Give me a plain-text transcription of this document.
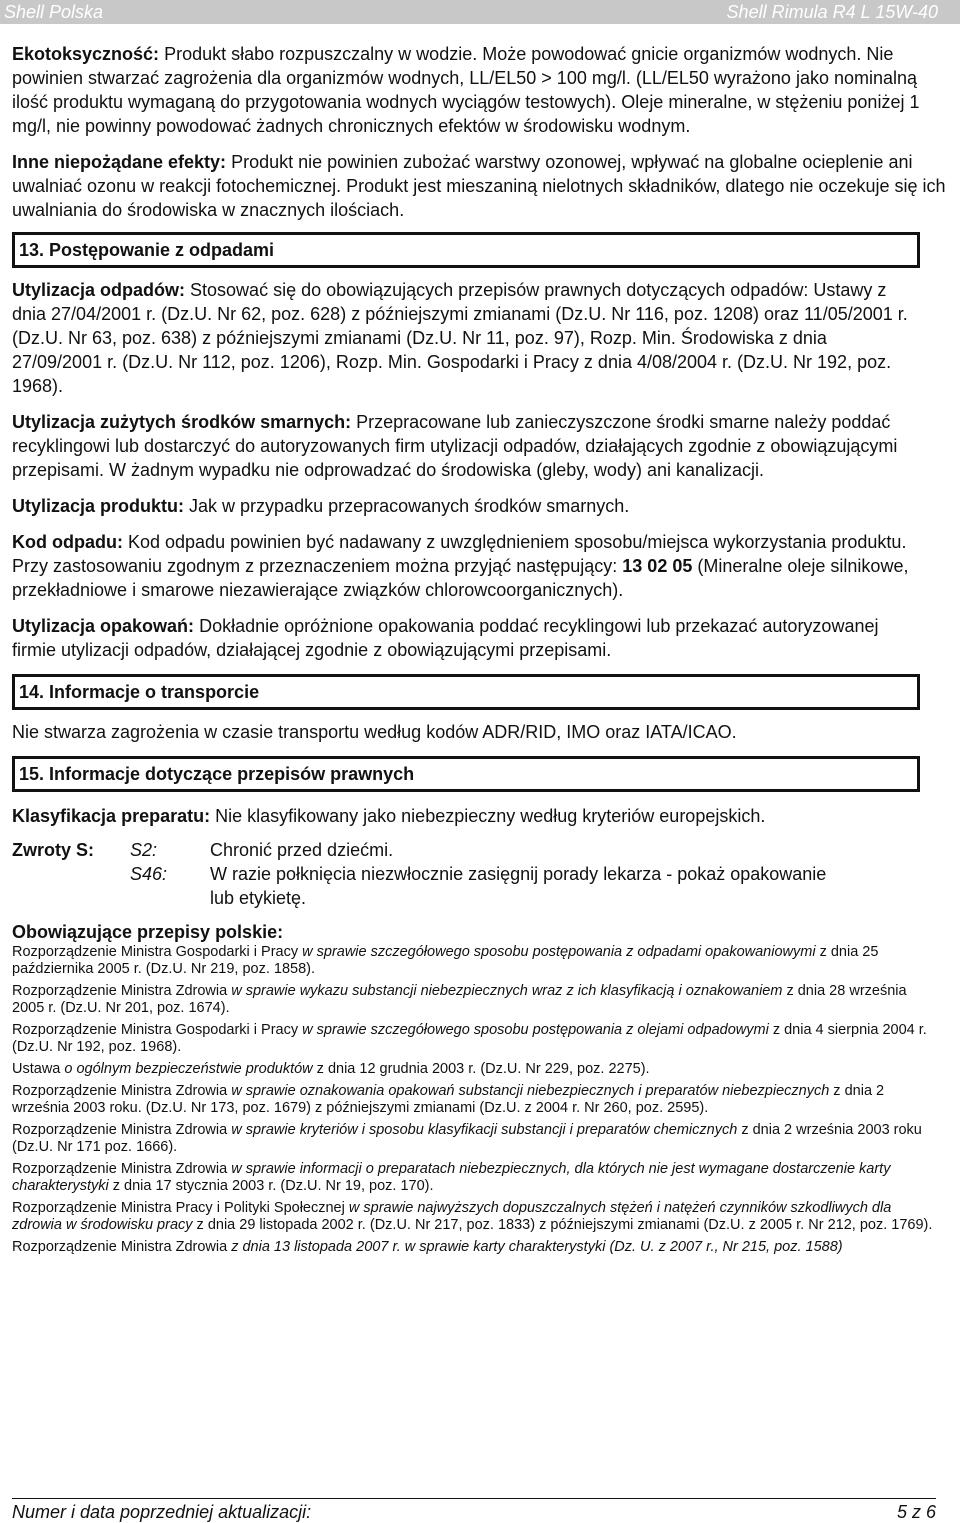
Shell Polska	Shell Rimula R4 L 15W-40

Ekotoksyczność: Produkt słabo rozpuszczalny w wodzie. Może powodować gnicie organizmów wodnych. Nie powinien stwarzać zagrożenia dla organizmów wodnych, LL/EL50 > 100 mg/l. (LL/EL50 wyrażono jako nominalną ilość produktu wymaganą do przygotowania wodnych wyciągów testowych). Oleje mineralne, w stężeniu poniżej 1 mg/l, nie powinny powodować żadnych chronicznych efektów w środowisku wodnym.

Inne niepożądane efekty: Produkt nie powinien zubożać warstwy ozonowej, wpływać na globalne ocieplenie ani uwalniać ozonu w reakcji fotochemicznej. Produkt jest mieszaniną nielotnych składników, dlatego nie oczekuje się ich uwalniania do środowiska w znacznych ilościach.

13. Postępowanie z odpadami

Utylizacja odpadów: Stosować się do obowiązujących przepisów prawnych dotyczących odpadów: Ustawy z dnia 27/04/2001 r. (Dz.U. Nr 62, poz. 628) z późniejszymi zmianami (Dz.U. Nr 116, poz. 1208) oraz 11/05/2001 r. (Dz.U. Nr 63, poz. 638) z późniejszymi zmianami (Dz.U. Nr 11, poz. 97), Rozp. Min. Środowiska z dnia 27/09/2001 r. (Dz.U. Nr 112, poz. 1206), Rozp. Min. Gospodarki i Pracy z dnia 4/08/2004 r. (Dz.U. Nr 192, poz. 1968).

Utylizacja zużytych środków smarnych: Przepracowane lub zanieczyszczone środki smarne należy poddać recyklingowi lub dostarczyć do autoryzowanych firm utylizacji odpadów, działających zgodnie z obowiązującymi przepisami. W żadnym wypadku nie odprowadzać do środowiska (gleby, wody) ani kanalizacji.

Utylizacja produktu: Jak w przypadku przepracowanych środków smarnych.

Kod odpadu: Kod odpadu powinien być nadawany z uwzględnieniem sposobu/miejsca wykorzystania produktu. Przy zastosowaniu zgodnym z przeznaczeniem można przyjąć następujący: 13 02 05 (Mineralne oleje silnikowe, przekładniowe i smarowe niezawierające związków chlorowcoorganicznych).

Utylizacja opakowań: Dokładnie opróżnione opakowania poddać recyklingowi lub przekazać autoryzowanej firmie utylizacji odpadów, działającej zgodnie z obowiązującymi przepisami.

14. Informacje o transporcie

Nie stwarza zagrożenia w czasie transportu według kodów ADR/RID, IMO oraz IATA/ICAO.

15. Informacje dotyczące przepisów prawnych

Klasyfikacja preparatu: Nie klasyfikowany jako niebezpieczny według kryteriów europejskich.

Zwroty S:	S2:	Chronić przed dziećmi.
S46:	W razie połknięcia niezwłocznie zasięgnij porady lekarza - pokaż opakowanie lub etykietę.

Obowiązujące przepisy polskie:

Rozporządzenie Ministra Gospodarki i Pracy w sprawie szczegółowego sposobu postępowania z odpadami opakowaniowymi z dnia 25 października 2005 r. (Dz.U. Nr 219, poz. 1858).

Rozporządzenie Ministra Zdrowia w sprawie wykazu substancji niebezpiecznych wraz z ich klasyfikacją i oznakowaniem z dnia 28 września 2005 r. (Dz.U. Nr 201, poz. 1674).

Rozporządzenie Ministra Gospodarki i Pracy w sprawie szczegółowego sposobu postępowania z olejami odpadowymi z dnia 4 sierpnia 2004 r. (Dz.U. Nr 192, poz. 1968).

Ustawa o ogólnym bezpieczeństwie produktów z dnia 12 grudnia 2003 r. (Dz.U. Nr 229, poz. 2275).

Rozporządzenie Ministra Zdrowia w sprawie oznakowania opakowań substancji niebezpiecznych i preparatów niebezpiecznych z dnia 2 września 2003 roku. (Dz.U. Nr 173, poz. 1679) z późniejszymi zmianami (Dz.U. z 2004 r. Nr 260, poz. 2595).

Rozporządzenie Ministra Zdrowia w sprawie kryteriów i sposobu klasyfikacji substancji i preparatów chemicznych z dnia 2 września 2003 roku (Dz.U. Nr 171 poz. 1666).

Rozporządzenie Ministra Zdrowia w sprawie informacji o preparatach niebezpiecznych, dla których nie jest wymagane dostarczenie karty charakterystyki z dnia 17 stycznia 2003 r. (Dz.U. Nr 19, poz. 170).

Rozporządzenie Ministra Pracy i Polityki Społecznej w sprawie najwyższych dopuszczalnych stężeń i natężeń czynników szkodliwych dla zdrowia w środowisku pracy z dnia 29 listopada 2002 r. (Dz.U. Nr 217, poz. 1833) z późniejszymi zmianami (Dz.U. z 2005 r. Nr 212, poz. 1769).

Rozporządzenie Ministra Zdrowia z dnia 13 listopada 2007 r. w sprawie karty charakterystyki (Dz. U. z 2007 r., Nr 215, poz. 1588)

Numer i data poprzedniej aktualizacji:	5 z 6
